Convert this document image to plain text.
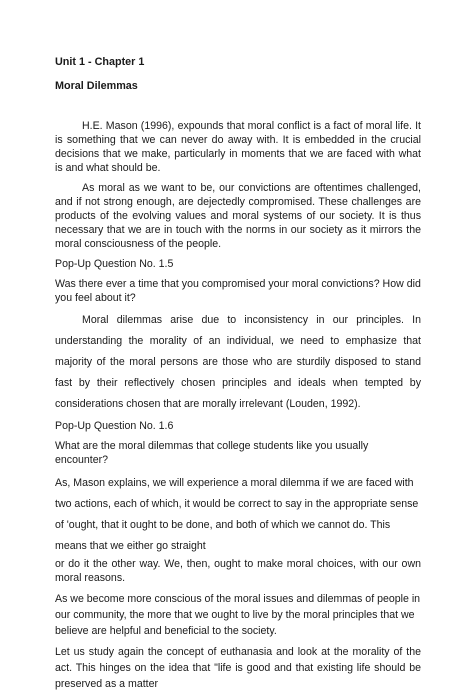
Unit 1 - Chapter 1

Moral Dilemmas

H.E. Mason (1996), expounds that moral conflict is a fact of moral life. It is something that we can never do away with. It is embedded in the crucial decisions that we make, particularly in moments that we are faced with what is and what should be.

As moral as we want to be, our convictions are oftentimes challenged, and if not strong enough, are dejectedly compromised. These challenges are products of the evolving values and moral systems of our society. It is thus necessary that we are in touch with the norms in our society as it mirrors the moral consciousness of the people.

Pop-Up Question No. 1.5

Was there ever a time that you compromised your moral convictions? How did you feel about it?

Moral dilemmas arise due to inconsistency in our principles. In understanding the morality of an individual, we need to emphasize that majority of the moral persons are those who are sturdily disposed to stand fast by their reflectively chosen principles and ideals when tempted by considerations chosen that are morally irrelevant (Louden, 1992).

Pop-Up Question No. 1.6

What are the moral dilemmas that college students like you usually encounter?

As, Mason explains, we will experience a moral dilemma if we are faced with two actions, each of which, it would be correct to say in the appropriate sense of 'ought, that it ought to be done, and both of which we cannot do. This means that we either go straight

or do it the other way. We, then, ought to make moral choices, with our own moral reasons.

As we become more conscious of the moral issues and dilemmas of people in our community, the more that we ought to live by the moral principles that we believe are helpful and beneficial to the society.

Let us study again the concept of euthanasia and look at the morality of the act. This hinges on the idea that "life is good and that existing life should be preserved as a matter
